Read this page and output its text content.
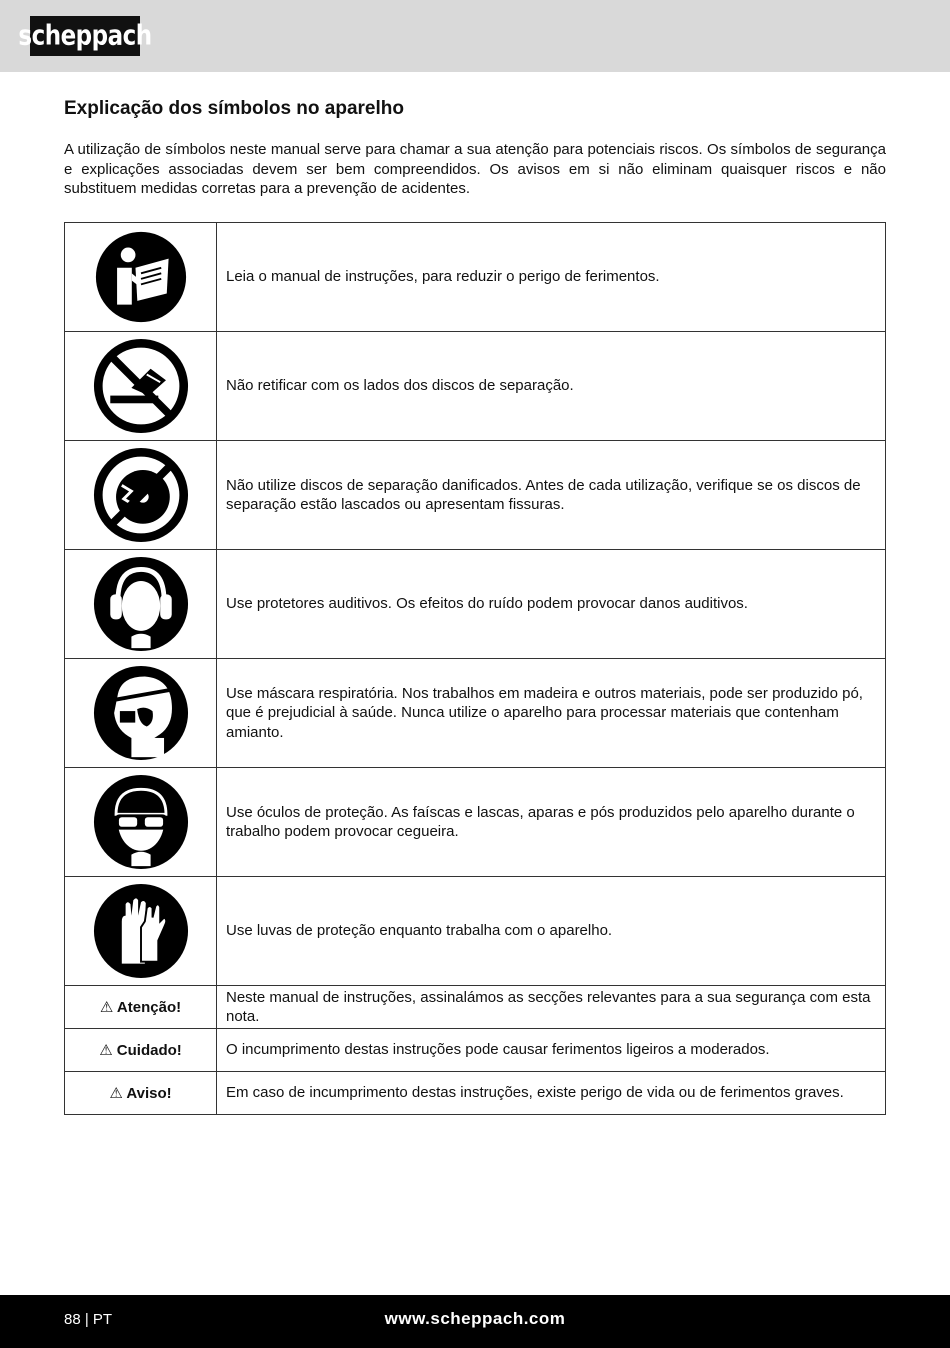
scheppach
Explicação dos símbolos no aparelho

A utilização de símbolos neste manual serve para chamar a sua atenção para potenciais riscos. Os símbolos de segurança e explicações associadas devem ser bem compreendidos. Os avisos em si não eliminam quaisquer riscos e não substituem medidas corretas para a prevenção de acidentes.

	Leia o manual de instruções, para reduzir o perigo de ferimentos.

	Não retificar com os lados dos discos de separação.

	Não utilize discos de separação danificados. Antes de cada utilização, verifique se os discos de separação estão lascados ou apresentam fissuras.

	Use protetores auditivos. Os efeitos do ruído podem provocar danos auditivos.

	Use máscara respiratória. Nos trabalhos em madeira e outros materiais, pode ser produzido pó, que é prejudicial à saúde. Nunca utilize o aparelho para processar materiais que contenham amianto.

	Use óculos de proteção. As faíscas e lascas, aparas e pós produzidos pelo aparelho durante o trabalho podem provocar cegueira.

	Use luvas de proteção enquanto trabalha com o aparelho.
⚠ Atenção!	Neste manual de instruções, assinalámos as secções relevantes para a sua segurança com esta nota.
⚠ Cuidado!	O incumprimento destas instruções pode causar ferimentos ligeiros a moderados.
⚠ Aviso!	Em caso de incumprimento destas instruções, existe perigo de vida ou de ferimentos graves.
88 | PT	www.scheppach.com
